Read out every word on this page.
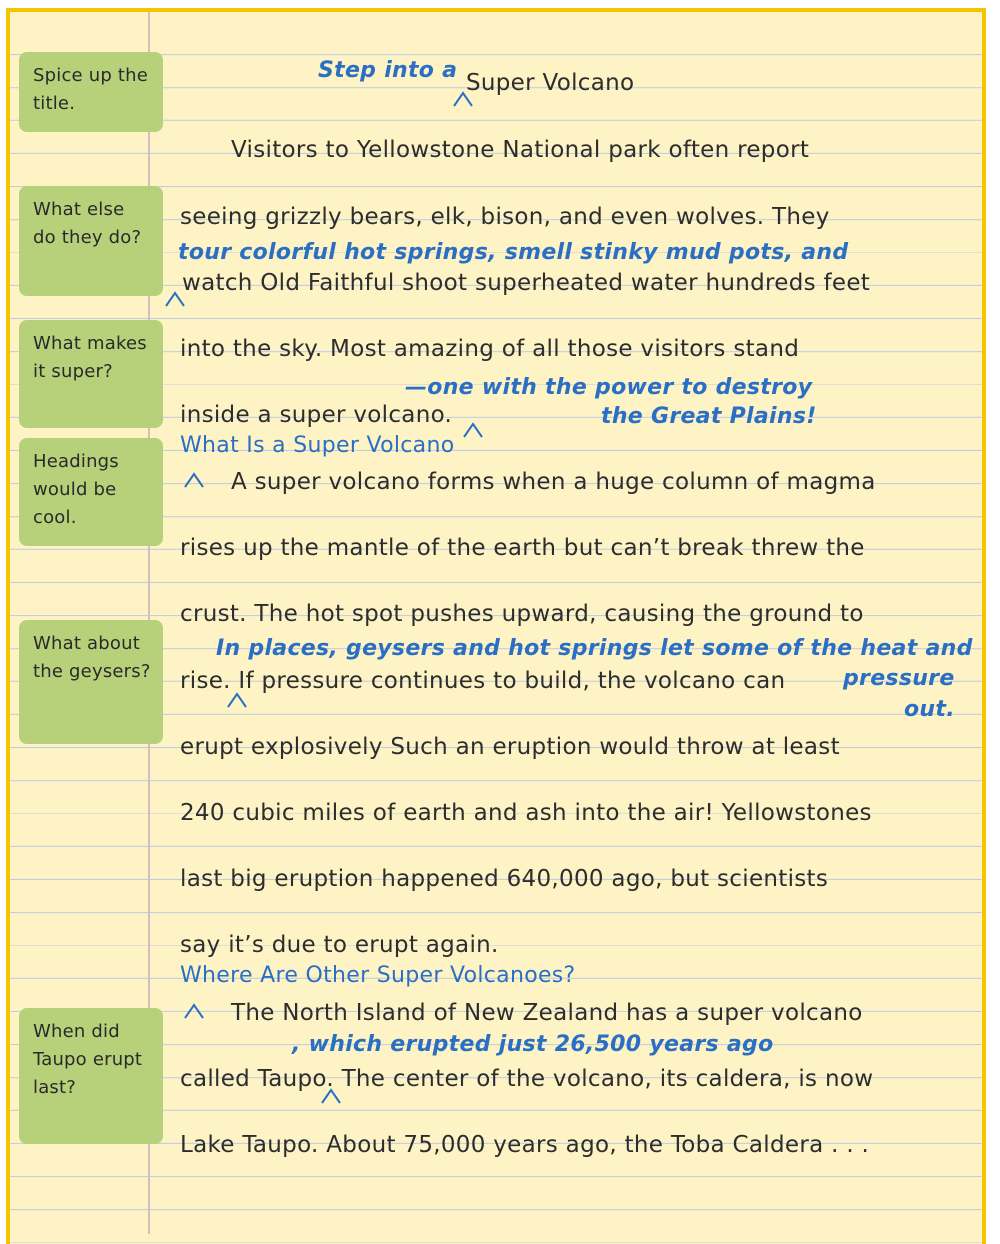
Spice up the title.
What else do they do?
What makes it super?
Headings would be cool.
What about the geysers?
When did Taupo erupt last?
Step into a Super Volcano
Visitors to Yellowstone National park often report
seeing grizzly bears, elk, bison, and even wolves. They
tour colorful hot springs, smell stinky mud pots, and
watch Old Faithful shoot superheated water hundreds feet
into the sky. Most amazing of all those visitors stand
—one with the power to destroy
the Great Plains!
inside a super volcano.
What Is a Super Volcano
A super volcano forms when a huge column of magma
rises up the mantle of the earth but can’t break threw the
crust. The hot spot pushes upward, causing the ground to
In places, geysers and hot springs let some of the heat and
rise. If pressure continues to build, the volcano can	pressure
out.
erupt explosively Such an eruption would throw at least
240 cubic miles of earth and ash into the air! Yellowstones
last big eruption happened 640,000 ago, but scientists
say it’s due to erupt again.
Where Are Other Super Volcanoes?
The North Island of New Zealand has a super volcano
, which erupted just 26,500 years ago
called Taupo. The center of the volcano, its caldera, is now
Lake Taupo. About 75,000 years ago, the Toba Caldera . . .
